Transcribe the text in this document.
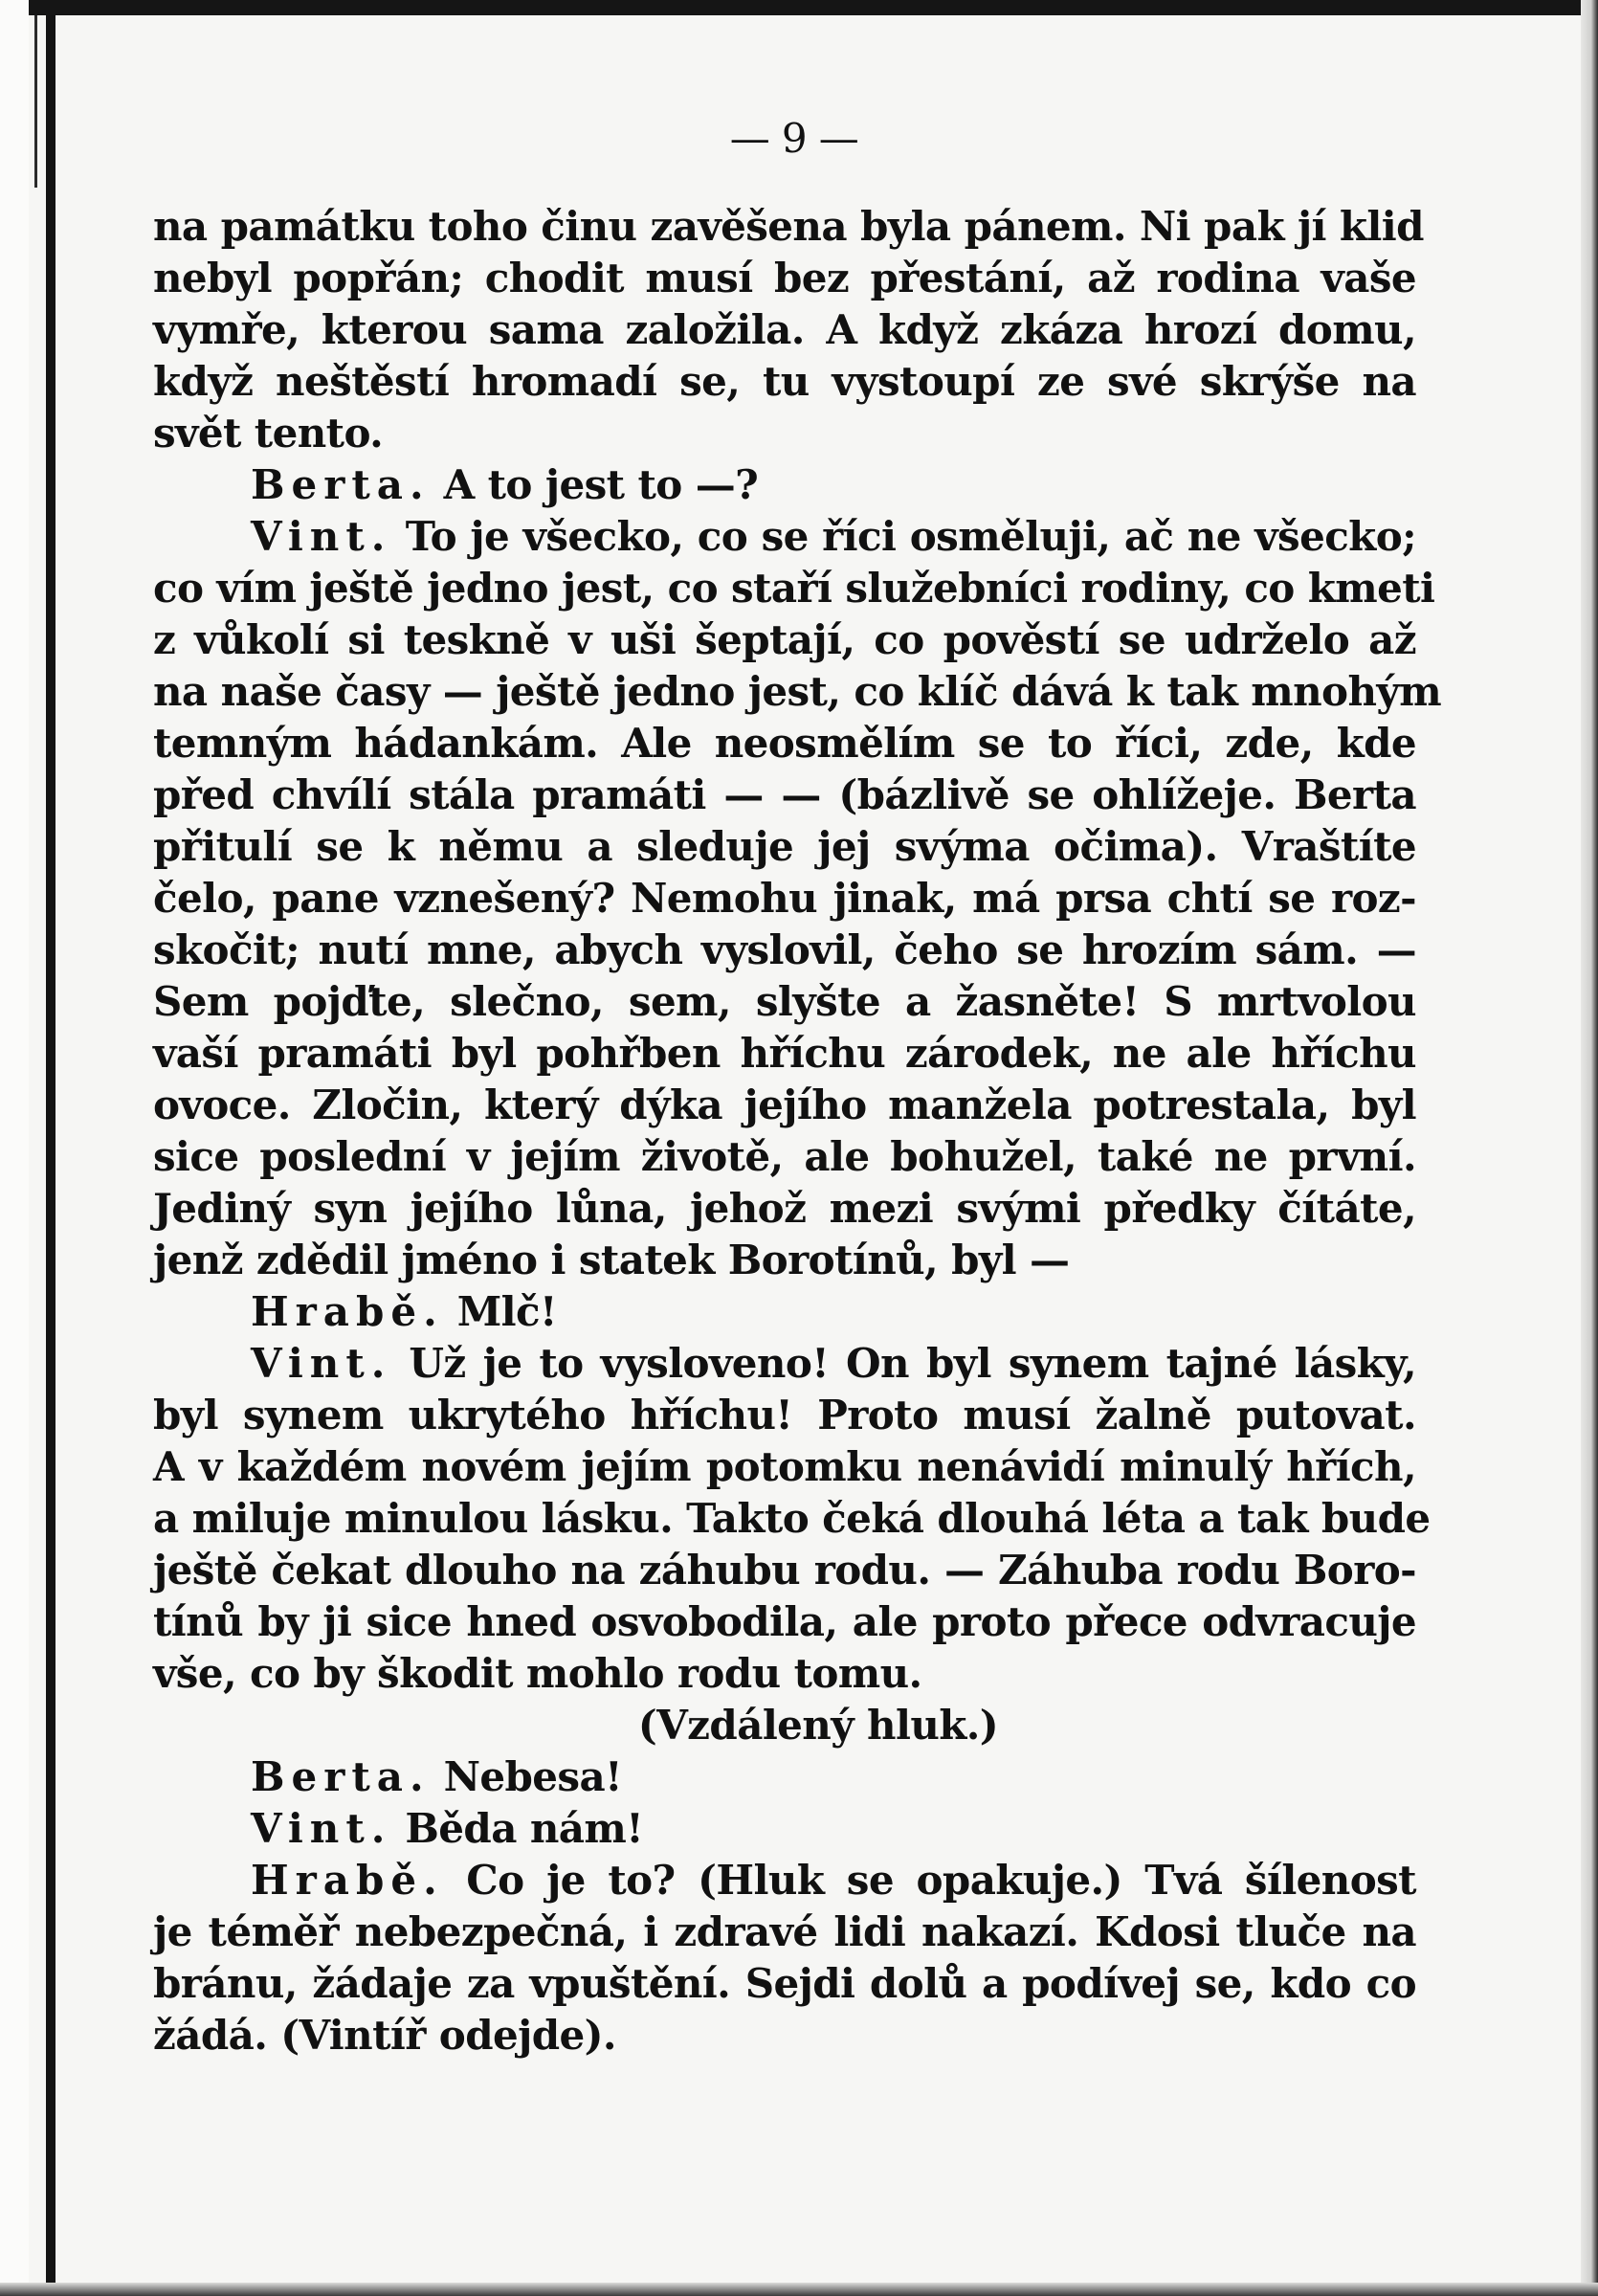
— 9 —
na památku toho činu zavěšena byla pánem. Ni pak jí klid
nebyl popřán; chodit musí bez přestání, až rodina vaše
vymře, kterou sama založila. A když zkáza hrozí domu,
když neštěstí hromadí se, tu vystoupí ze své skrýše na
svět tento.
Berta. A to jest to —?
Vint. To je všecko, co se říci osměluji, ač ne všecko;
co vím ještě jedno jest, co staří služebníci rodiny, co kmeti
z vůkolí si teskně v uši šeptají, co pověstí se udrželo až
na naše časy — ještě jedno jest, co klíč dává k tak mnohým
temným hádankám. Ale neosmělím se to říci, zde, kde
před chvílí stála pramáti — — (bázlivě se ohlížeje. Berta
přitulí se k němu a sleduje jej svýma očima). Vraštíte
čelo, pane vznešený? Nemohu jinak, má prsa chtí se roz-
skočit; nutí mne, abych vyslovil, čeho se hrozím sám. —
Sem pojďte, slečno, sem, slyšte a žasněte! S mrtvolou
vaší pramáti byl pohřben hříchu zárodek, ne ale hříchu
ovoce. Zločin, který dýka jejího manžela potrestala, byl
sice poslední v jejím životě, ale bohužel, také ne první.
Jediný syn jejího lůna, jehož mezi svými předky čítáte,
jenž zdědil jméno i statek Borotínů, byl —
Hrabě. Mlč!
Vint. Už je to vysloveno! On byl synem tajné lásky,
byl synem ukrytého hříchu! Proto musí žalně putovat.
A v každém novém jejím potomku nenávidí minulý hřích,
a miluje minulou lásku. Takto čeká dlouhá léta a tak bude
ještě čekat dlouho na záhubu rodu. — Záhuba rodu Boro-
tínů by ji sice hned osvobodila, ale proto přece odvracuje
vše, co by škodit mohlo rodu tomu.
(Vzdálený hluk.)
Berta. Nebesa!
Vint. Běda nám!
Hrabě. Co je to? (Hluk se opakuje.) Tvá šílenost
je téměř nebezpečná, i zdravé lidi nakazí. Kdosi tluče na
bránu, žádaje za vpuštění. Sejdi dolů a podívej se, kdo co
žádá. (Vintíř odejde).
